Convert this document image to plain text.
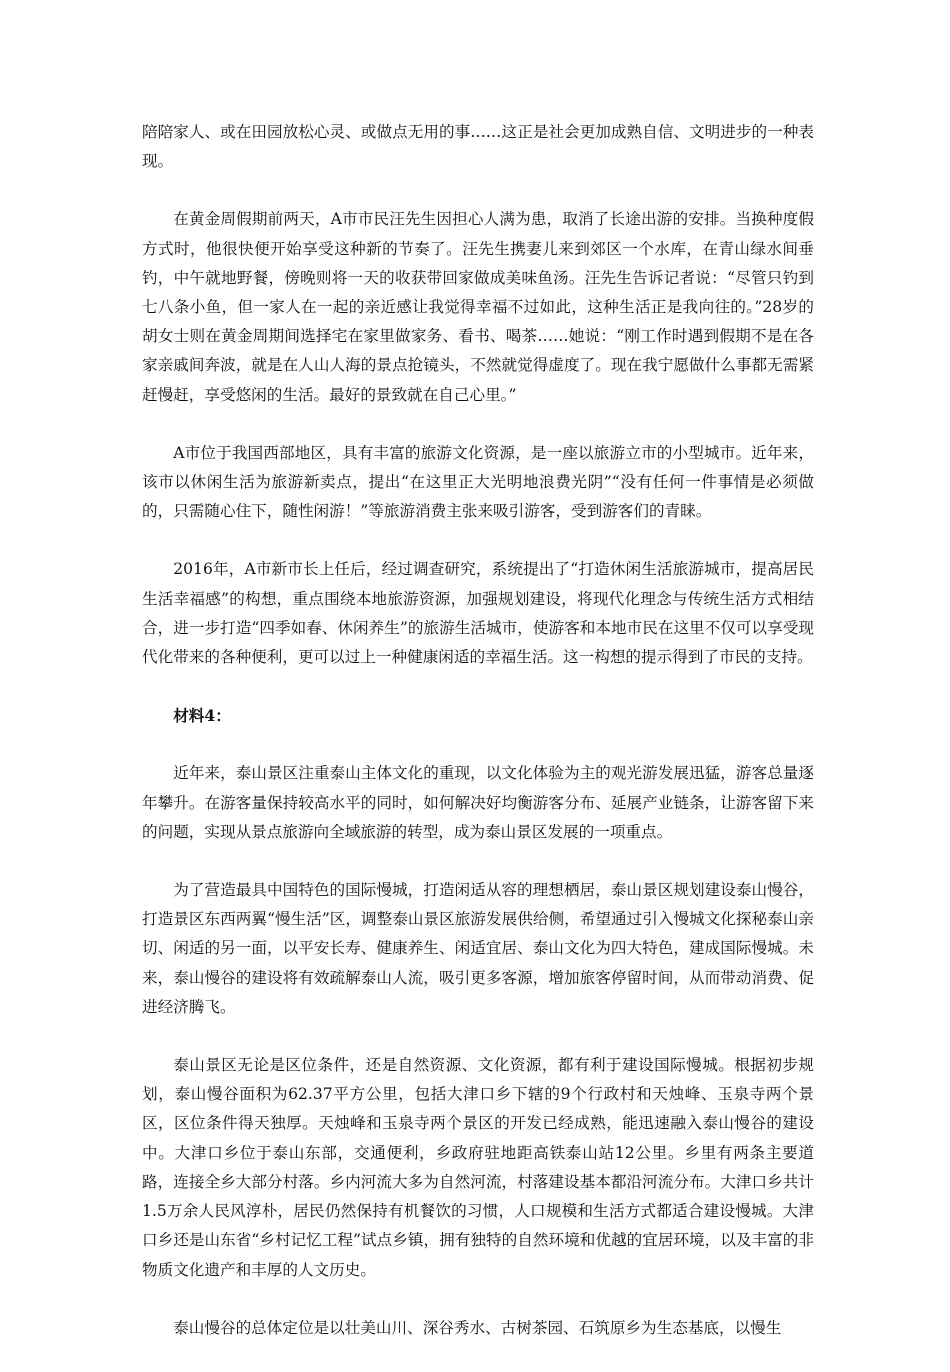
陪陪家人、或在田园放松心灵、或做点无用的事……这正是社会更加成熟自信、文明进步的一种表现。

在黄金周假期前两天，A市市民汪先生因担心人满为患，取消了长途出游的安排。当换种度假方式时，他很快便开始享受这种新的节奏了。汪先生携妻儿来到郊区一个水库，在青山绿水间垂钓，中午就地野餐，傍晚则将一天的收获带回家做成美味鱼汤。汪先生告诉记者说：“尽管只钓到七八条小鱼，但一家人在一起的亲近感让我觉得幸福不过如此，这种生活正是我向往的。”28岁的胡女士则在黄金周期间选择宅在家里做家务、看书、喝茶……她说：“刚工作时遇到假期不是在各家亲戚间奔波，就是在人山人海的景点抢镜头，不然就觉得虚度了。现在我宁愿做什么事都无需紧赶慢赶，享受悠闲的生活。最好的景致就在自己心里。”

A市位于我国西部地区，具有丰富的旅游文化资源，是一座以旅游立市的小型城市。近年来，该市以休闲生活为旅游新卖点，提出“在这里正大光明地浪费光阴”“没有任何一件事情是必须做的，只需随心住下，随性闲游！”等旅游消费主张来吸引游客，受到游客们的青睐。

2016年，A市新市长上任后，经过调查研究，系统提出了“打造休闲生活旅游城市，提高居民生活幸福感”的构想，重点围绕本地旅游资源，加强规划建设，将现代化理念与传统生活方式相结合，进一步打造“四季如春、休闲养生”的旅游生活城市，使游客和本地市民在这里不仅可以享受现代化带来的各种便利，更可以过上一种健康闲适的幸福生活。这一构想的提示得到了市民的支持。

材料4：

近年来，泰山景区注重泰山主体文化的重现，以文化体验为主的观光游发展迅猛，游客总量逐年攀升。在游客量保持较高水平的同时，如何解决好均衡游客分布、延展产业链条，让游客留下来的问题，实现从景点旅游向全域旅游的转型，成为泰山景区发展的一项重点。

为了营造最具中国特色的国际慢城，打造闲适从容的理想栖居，泰山景区规划建设泰山慢谷，打造景区东西两翼“慢生活”区，调整泰山景区旅游发展供给侧，希望通过引入慢城文化探秘泰山亲切、闲适的另一面，以平安长寿、健康养生、闲适宜居、泰山文化为四大特色，建成国际慢城。未来，泰山慢谷的建设将有效疏解泰山人流，吸引更多客源，增加旅客停留时间，从而带动消费、促进经济腾飞。

泰山景区无论是区位条件，还是自然资源、文化资源，都有利于建设国际慢城。根据初步规划，泰山慢谷面积为62.37平方公里，包括大津口乡下辖的9个行政村和天烛峰、玉泉寺两个景区，区位条件得天独厚。天烛峰和玉泉寺两个景区的开发已经成熟，能迅速融入泰山慢谷的建设中。大津口乡位于泰山东部，交通便利，乡政府驻地距高铁泰山站12公里。乡里有两条主要道路，连接全乡大部分村落。乡内河流大多为自然河流，村落建设基本都沿河流分布。大津口乡共计1.5万余人民风淳朴，居民仍然保持有机餐饮的习惯，人口规模和生活方式都适合建设慢城。大津口乡还是山东省“乡村记忆工程”试点乡镇，拥有独特的自然环境和优越的宜居环境，以及丰富的非物质文化遗产和丰厚的人文历史。

泰山慢谷的总体定位是以壮美山川、深谷秀水、古树茶园、石筑原乡为生态基底，以慢生
